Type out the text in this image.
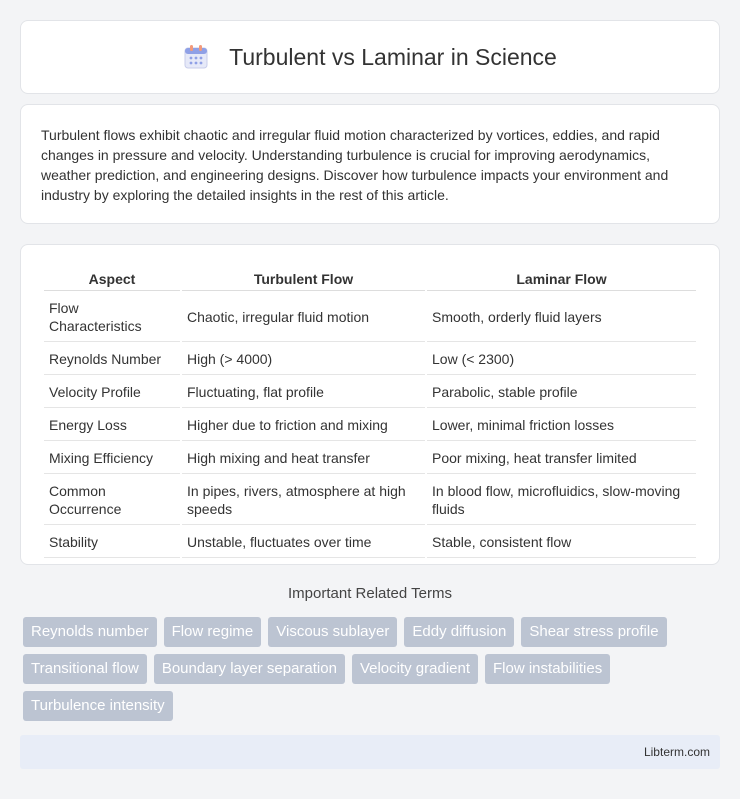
Turbulent vs Laminar in Science

Turbulent flows exhibit chaotic and irregular fluid motion characterized by vortices, eddies, and rapid changes in pressure and velocity. Understanding turbulence is crucial for improving aerodynamics, weather prediction, and engineering designs. Discover how turbulence impacts your environment and industry by exploring the detailed insights in the rest of this article.

Aspect	Turbulent Flow	Laminar Flow
Flow Characteristics	Chaotic, irregular fluid motion	Smooth, orderly fluid layers
Reynolds Number	High (> 4000)	Low (< 2300)
Velocity Profile	Fluctuating, flat profile	Parabolic, stable profile
Energy Loss	Higher due to friction and mixing	Lower, minimal friction losses
Mixing Efficiency	High mixing and heat transfer	Poor mixing, heat transfer limited
Common Occurrence	In pipes, rivers, atmosphere at high speeds	In blood flow, microfluidics, slow-moving fluids
Stability	Unstable, fluctuates over time	Stable, consistent flow
Important Related Terms
Reynolds number	Flow regime	Viscous sublayer	Eddy diffusion	Shear stress profile
Transitional flow	Boundary layer separation	Velocity gradient	Flow instabilities
Turbulence intensity
Libterm.com
